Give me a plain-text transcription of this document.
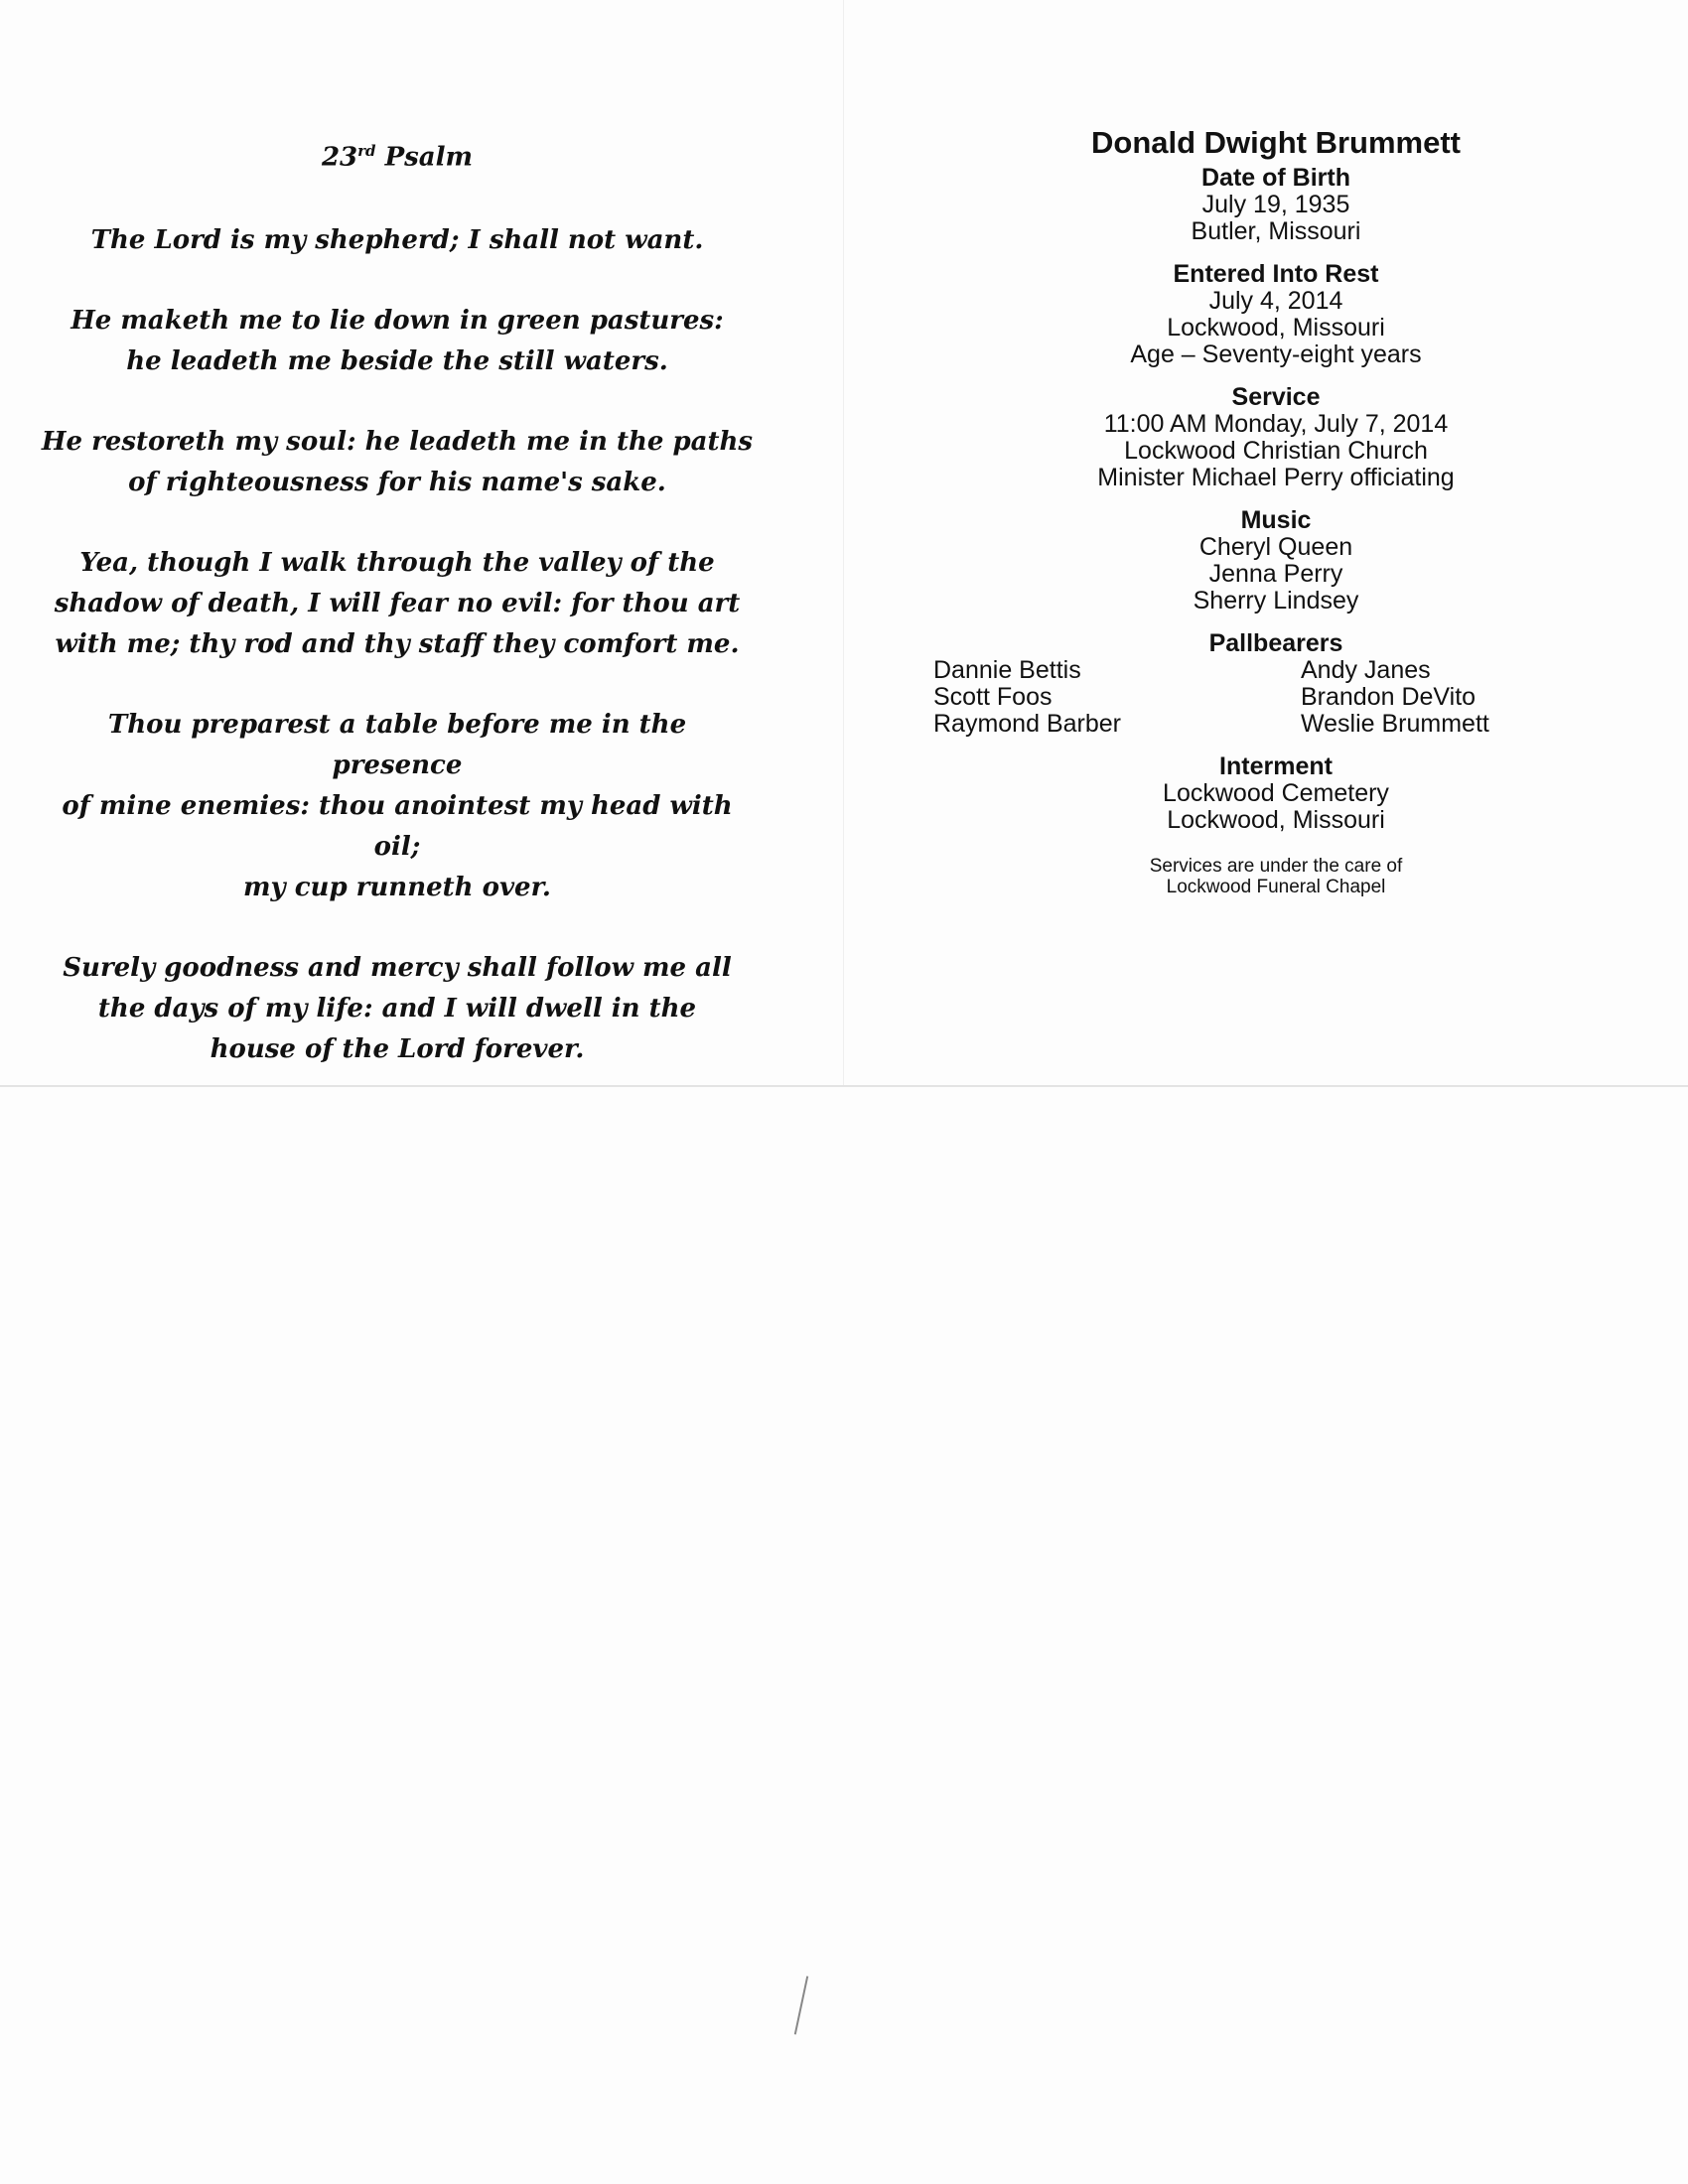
23rd Psalm
The Lord is my shepherd; I shall not want.
He maketh me to lie down in green pastures:
he leadeth me beside the still waters.
He restoreth my soul: he leadeth me in the paths
of righteousness for his name's sake.
Yea, though I walk through the valley of the
shadow of death, I will fear no evil: for thou art
with me; thy rod and thy staff they comfort me.
Thou preparest a table before me in the presence
of mine enemies: thou anointest my head with oil;
my cup runneth over.
Surely goodness and mercy shall follow me all
the days of my life: and I will dwell in the
house of the Lord forever.
Donald Dwight Brummett
Date of Birth
July 19, 1935
Butler, Missouri
Entered Into Rest
July 4, 2014
Lockwood, Missouri
Age – Seventy-eight years
Service
11:00 AM Monday, July 7, 2014
Lockwood Christian Church
Minister Michael Perry officiating
Music
Cheryl Queen
Jenna Perry
Sherry Lindsey
Pallbearers
Dannie Bettis
Scott Foos
Raymond Barber
Andy Janes
Brandon DeVito
Weslie Brummett
Interment
Lockwood Cemetery
Lockwood, Missouri
Services are under the care of
Lockwood Funeral Chapel
